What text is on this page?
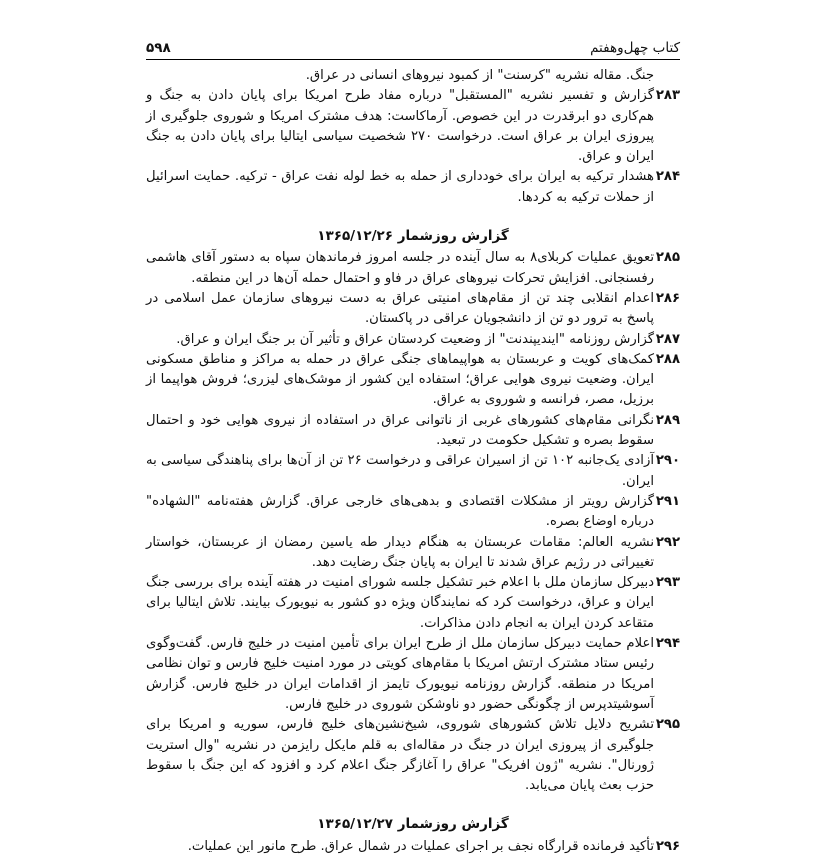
۵۹۸	کتاب چهل‌وهفتم
جنگ. مقاله نشریه "کرسنت" از کمبود نیروهای انسانی در عراق.
۲۸۳
گزارش و تفسیر نشریه "المستقبل" درباره مفاد طرح امریکا برای پایان دادن به جنگ و هم‌کاری دو ابرقدرت در این خصوص. آرماکاست: هدف مشترک امریکا و شوروی جلوگیری از پیروزی ایران بر عراق است. درخواست ۲۷۰ شخصیت سیاسی ایتالیا برای پایان دادن به جنگ ایران و عراق.
۲۸۴
هشدار ترکیه به ایران برای خودداری از حمله به خط لوله نفت عراق - ترکیه. حمایت اسرائیل از حملات ترکیه به کردها.
گزارش روزشمار ۱۳۶۵/۱۲/۲۶
۲۸۵
تعویق عملیات کربلای۸ به سال آینده در جلسه امروز فرماندهان سپاه به دستور آقای هاشمی رفسنجانی. افزایش تحرکات نیروهای عراق در فاو و احتمال حمله آن‌ها در این منطقه.
۲۸۶
اعدام انقلابی چند تن از مقام‌های امنیتی عراق به دست نیروهای سازمان عمل اسلامی در پاسخ به ترور دو تن از دانشجویان عراقی در پاکستان.
۲۸۷
گزارش روزنامه "ایندیپندنت" از وضعیت کردستان عراق و تأثیر آن بر جنگ ایران و عراق.
۲۸۸
کمک‌های کویت و عربستان به هواپیماهای جنگی عراق در حمله به مراکز و مناطق مسکونی ایران. وضعیت نیروی هوایی عراق؛ استفاده این کشور از موشک‌های لیزری؛ فروش هواپیما از برزیل، مصر، فرانسه و شوروی به عراق.
۲۸۹
نگرانی مقام‌های کشورهای غربی از ناتوانی عراق در استفاده از نیروی هوایی خود و احتمال سقوط بصره و تشکیل حکومت در تبعید.
۲۹۰
آزادی یک‌جانبه ۱۰۲ تن از اسیران عراقی و درخواست ۲۶ تن از آن‌ها برای پناهندگی سیاسی به ایران.
۲۹۱
گزارش رویتر از مشکلات اقتصادی و بدهی‌های خارجی عراق. گزارش هفته‌نامه "الشهاده" درباره اوضاع بصره.
۲۹۲
نشریه العالم: مقامات عربستان به هنگام دیدار طه یاسین رمضان از عربستان، خواستار تغییراتی در رژیم عراق شدند تا ایران به پایان جنگ رضایت دهد.
۲۹۳
دبیرکل سازمان ملل با اعلام خبر تشکیل جلسه شورای امنیت در هفته آینده برای بررسی جنگ ایران و عراق، درخواست کرد که نمایندگان ویژه دو کشور به نیویورک بیایند. تلاش ایتالیا برای متقاعد کردن ایران به انجام دادن مذاکرات.
۲۹۴
اعلام حمایت دبیرکل سازمان ملل از طرح ایران برای تأمین امنیت در خلیج فارس. گفت‌وگوی رئیس ستاد مشترک ارتش امریکا با مقام‌های کویتی در مورد امنیت خلیج فارس و توان نظامی امریکا در منطقه. گزارش روزنامه نیویورک تایمز از اقدامات ایران در خلیج فارس. گزارش آسوشیتدپرس از چگونگی حضور دو ناوشکن شوروی در خلیج فارس.
۲۹۵
تشریح دلایل تلاش کشورهای شوروی، شیخ‌نشین‌های خلیج فارس، سوریه و امریکا برای جلوگیری از پیروزی ایران در جنگ در مقاله‌ای به قلم مایکل رایزمن در نشریه "وال استریت ژورنال". نشریه "ژون افریک" عراق را آغازگر جنگ اعلام کرد و افزود که این جنگ با سقوط حزب بعث پایان می‌یابد.
گزارش روزشمار ۱۳۶۵/۱۲/۲۷
۲۹۶
تأکید فرمانده قرارگاه نجف بر اجرای عملیات در شمال عراق. طرح مانور این عملیات.
